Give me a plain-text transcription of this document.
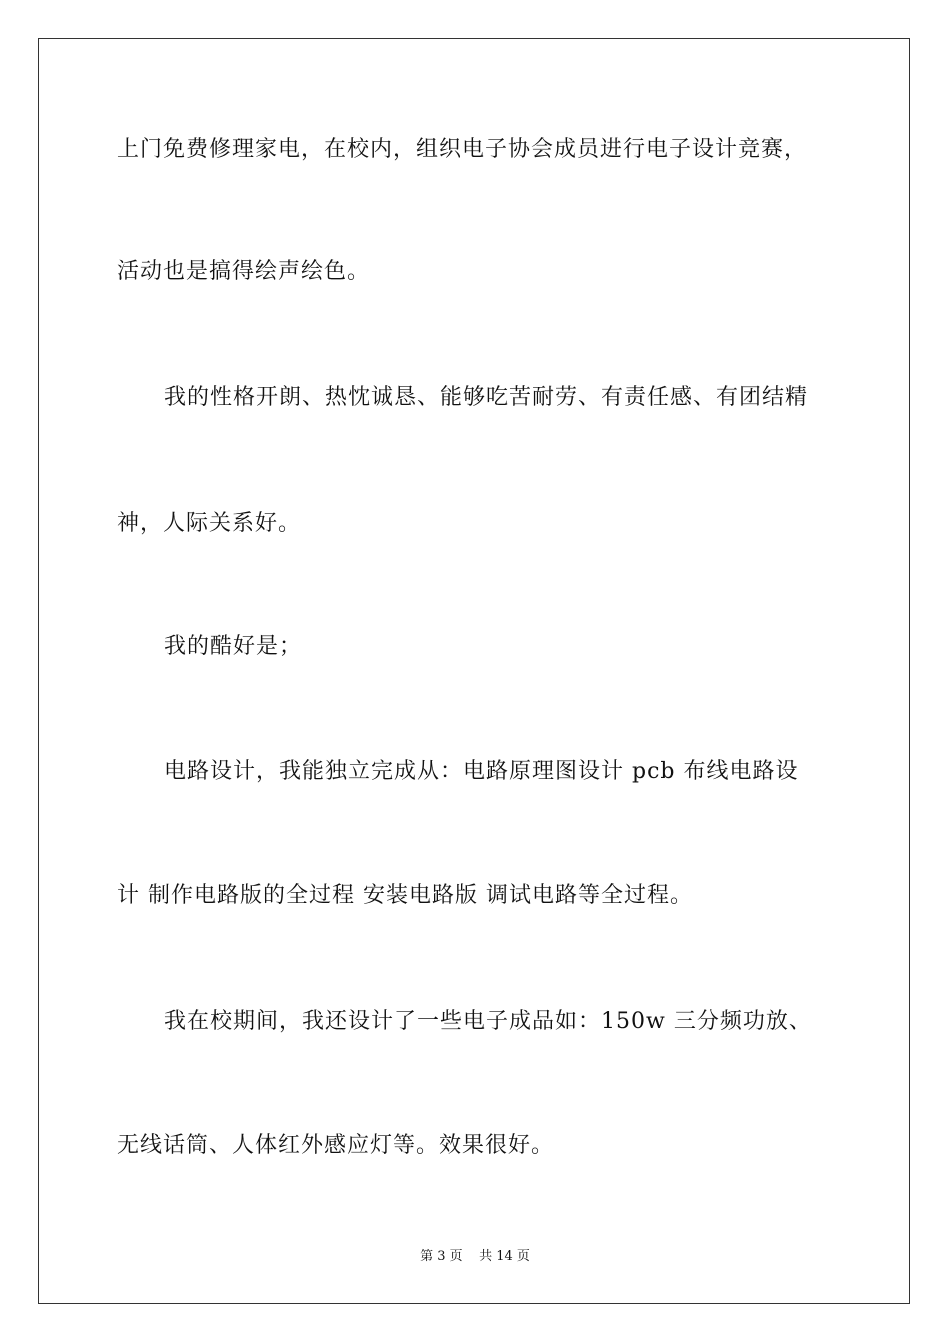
上门免费修理家电，在校内，组织电子协会成员进行电子设计竞赛，
活动也是搞得绘声绘色。
我的性格开朗、热忱诚恳、能够吃苦耐劳、有责任感、有团结精
神，人际关系好。
我的酷好是；
电路设计，我能独立完成从：电路原理图设计 pcb 布线电路设
计 制作电路版的全过程 安装电路版 调试电路等全过程。
我在校期间，我还设计了一些电子成品如：150w 三分频功放、
无线话筒、人体红外感应灯等。效果很好。
第 3 页    共 14 页
